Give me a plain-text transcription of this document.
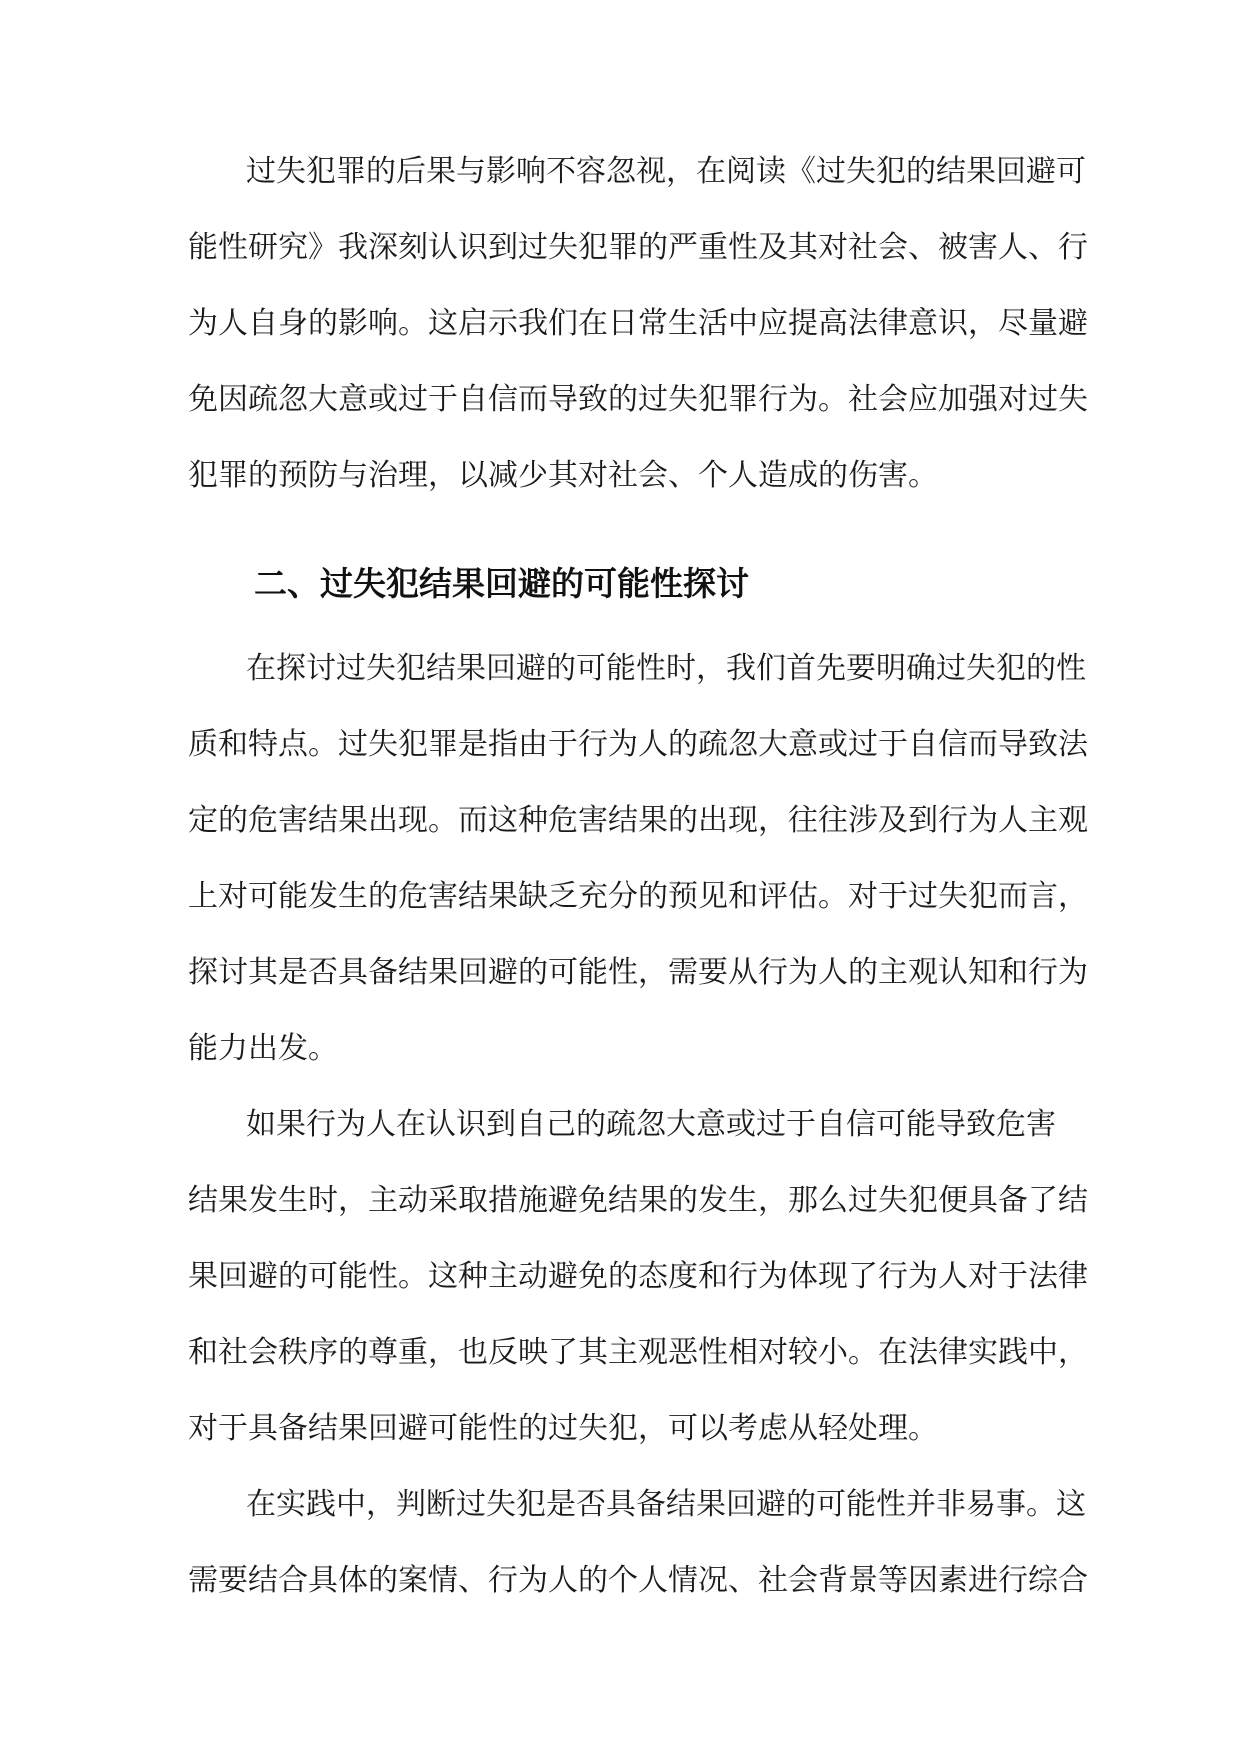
过失犯罪的后果与影响不容忽视，在阅读《过失犯的结果回避可
能性研究》我深刻认识到过失犯罪的严重性及其对社会、被害人、行
为人自身的影响。这启示我们在日常生活中应提高法律意识，尽量避
免因疏忽大意或过于自信而导致的过失犯罪行为。社会应加强对过失
犯罪的预防与治理，以减少其对社会、个人造成的伤害。
二、过失犯结果回避的可能性探讨
在探讨过失犯结果回避的可能性时，我们首先要明确过失犯的性
质和特点。过失犯罪是指由于行为人的疏忽大意或过于自信而导致法
定的危害结果出现。而这种危害结果的出现，往往涉及到行为人主观
上对可能发生的危害结果缺乏充分的预见和评估。对于过失犯而言，
探讨其是否具备结果回避的可能性，需要从行为人的主观认知和行为
能力出发。
如果行为人在认识到自己的疏忽大意或过于自信可能导致危害
结果发生时，主动采取措施避免结果的发生，那么过失犯便具备了结
果回避的可能性。这种主动避免的态度和行为体现了行为人对于法律
和社会秩序的尊重，也反映了其主观恶性相对较小。在法律实践中，
对于具备结果回避可能性的过失犯，可以考虑从轻处理。
在实践中，判断过失犯是否具备结果回避的可能性并非易事。这
需要结合具体的案情、行为人的个人情况、社会背景等因素进行综合
